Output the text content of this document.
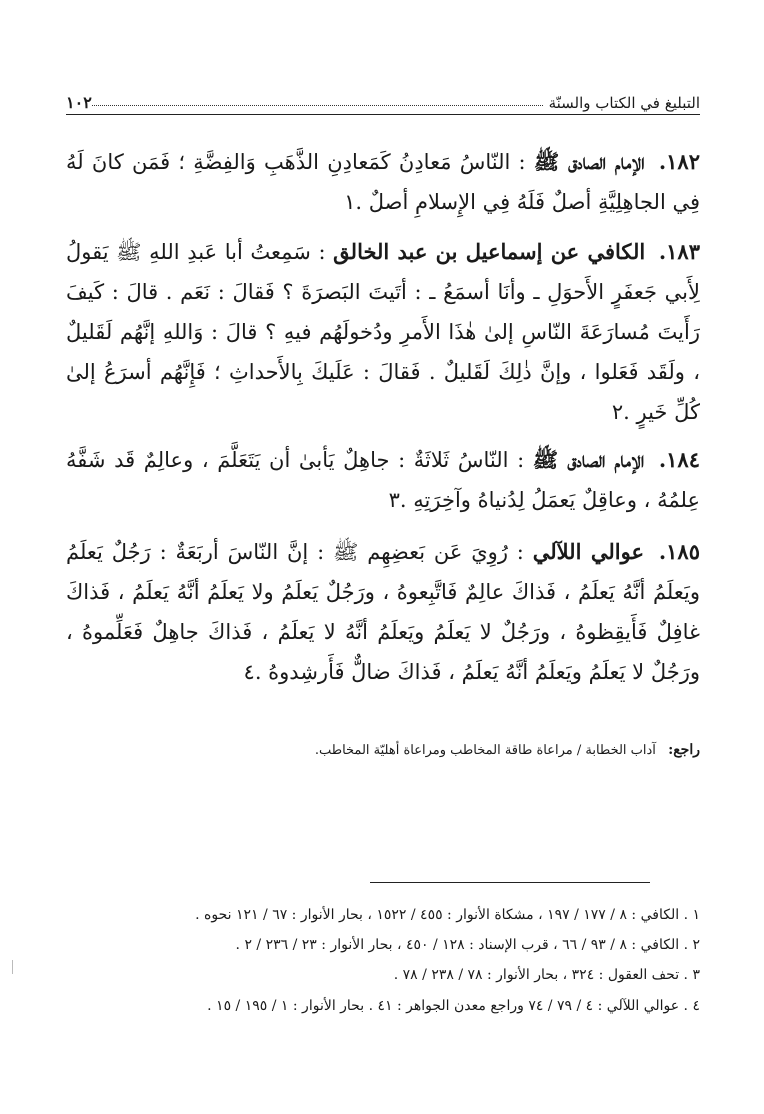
التبليغ في الكتاب والسنّة
١٠٢
١٨٢. الإمام الصادق ﷺ : النّاسُ مَعادِنُ كَمَعادِنِ الذَّهَبِ وَالفِضَّةِ ؛ فَمَن كانَ لَهُ فِي الجاهِلِيَّةِ أصلٌ فَلَهُ فِي الإِسلامِ أصلٌ .١
١٨٣. الكافي عن إسماعيل بن عبد الخالق : سَمِعتُ أبا عَبدِ اللهِ ﷺ يَقولُ لِأَبي جَعفَرٍ الأَحوَلِ ـ وأنَا أسمَعُ ـ : أتَيتَ البَصرَةَ ؟ فَقالَ : نَعَم . قالَ : كَيفَ رَأَيتَ مُسارَعَةَ النّاسِ إلىٰ هٰذَا الأَمرِ ودُخولَهُم فيهِ ؟ قالَ : وَاللهِ إنَّهُم لَقَليلٌ ، ولَقَد فَعَلوا ، وإنَّ ذٰلِكَ لَقَليلٌ . فَقالَ : عَلَيكَ بِالأَحداثِ ؛ فَإِنَّهُم أسرَعُ إلىٰ كُلِّ خَيرٍ .٢
١٨٤. الإمام الصادق ﷺ : النّاسُ ثَلاثَةٌ : جاهِلٌ يَأبىٰ أن يَتَعَلَّمَ ، وعالِمٌ قَد شَفَّهُ عِلمُهُ ، وعاقِلٌ يَعمَلُ لِدُنياهُ وآخِرَتِهِ .٣
١٨٥. عوالي اللآلي : رُوِيَ عَن بَعضِهِم ﷺ : إنَّ النّاسَ أربَعَةٌ : رَجُلٌ يَعلَمُ ويَعلَمُ أنَّهُ يَعلَمُ ، فَذاكَ عالِمٌ فَاتَّبِعوهُ ، ورَجُلٌ يَعلَمُ ولا يَعلَمُ أنَّهُ يَعلَمُ ، فَذاكَ غافِلٌ فَأَيقِظوهُ ، ورَجُلٌ لا يَعلَمُ ويَعلَمُ أنَّهُ لا يَعلَمُ ، فَذاكَ جاهِلٌ فَعَلِّموهُ ، ورَجُلٌ لا يَعلَمُ ويَعلَمُ أنَّهُ يَعلَمُ ، فَذاكَ ضالٌّ فَأَرشِدوهُ .٤
راجع: آداب الخطابة / مراعاة طاقة المخاطب ومراعاة أهليّة المخاطب.
١ . الكافي : ٨ / ١٧٧ / ١٩٧ ، مشكاة الأنوار : ٤٥٥ / ١٥٢٢ ، بحار الأنوار : ٦٧ / ١٢١ نحوه .
٢ . الكافي : ٨ / ٩٣ / ٦٦ ، قرب الإسناد : ١٢٨ / ٤٥٠ ، بحار الأنوار : ٢٣ / ٢٣٦ / ٢ .
٣ . تحف العقول : ٣٢٤ ، بحار الأنوار : ٧٨ / ٢٣٨ / ٧٨ .
٤ . عوالي اللآلي : ٤ / ٧٩ / ٧٤ وراجع معدن الجواهر : ٤١ . بحار الأنوار : ١ / ١٩٥ / ١٥ .
